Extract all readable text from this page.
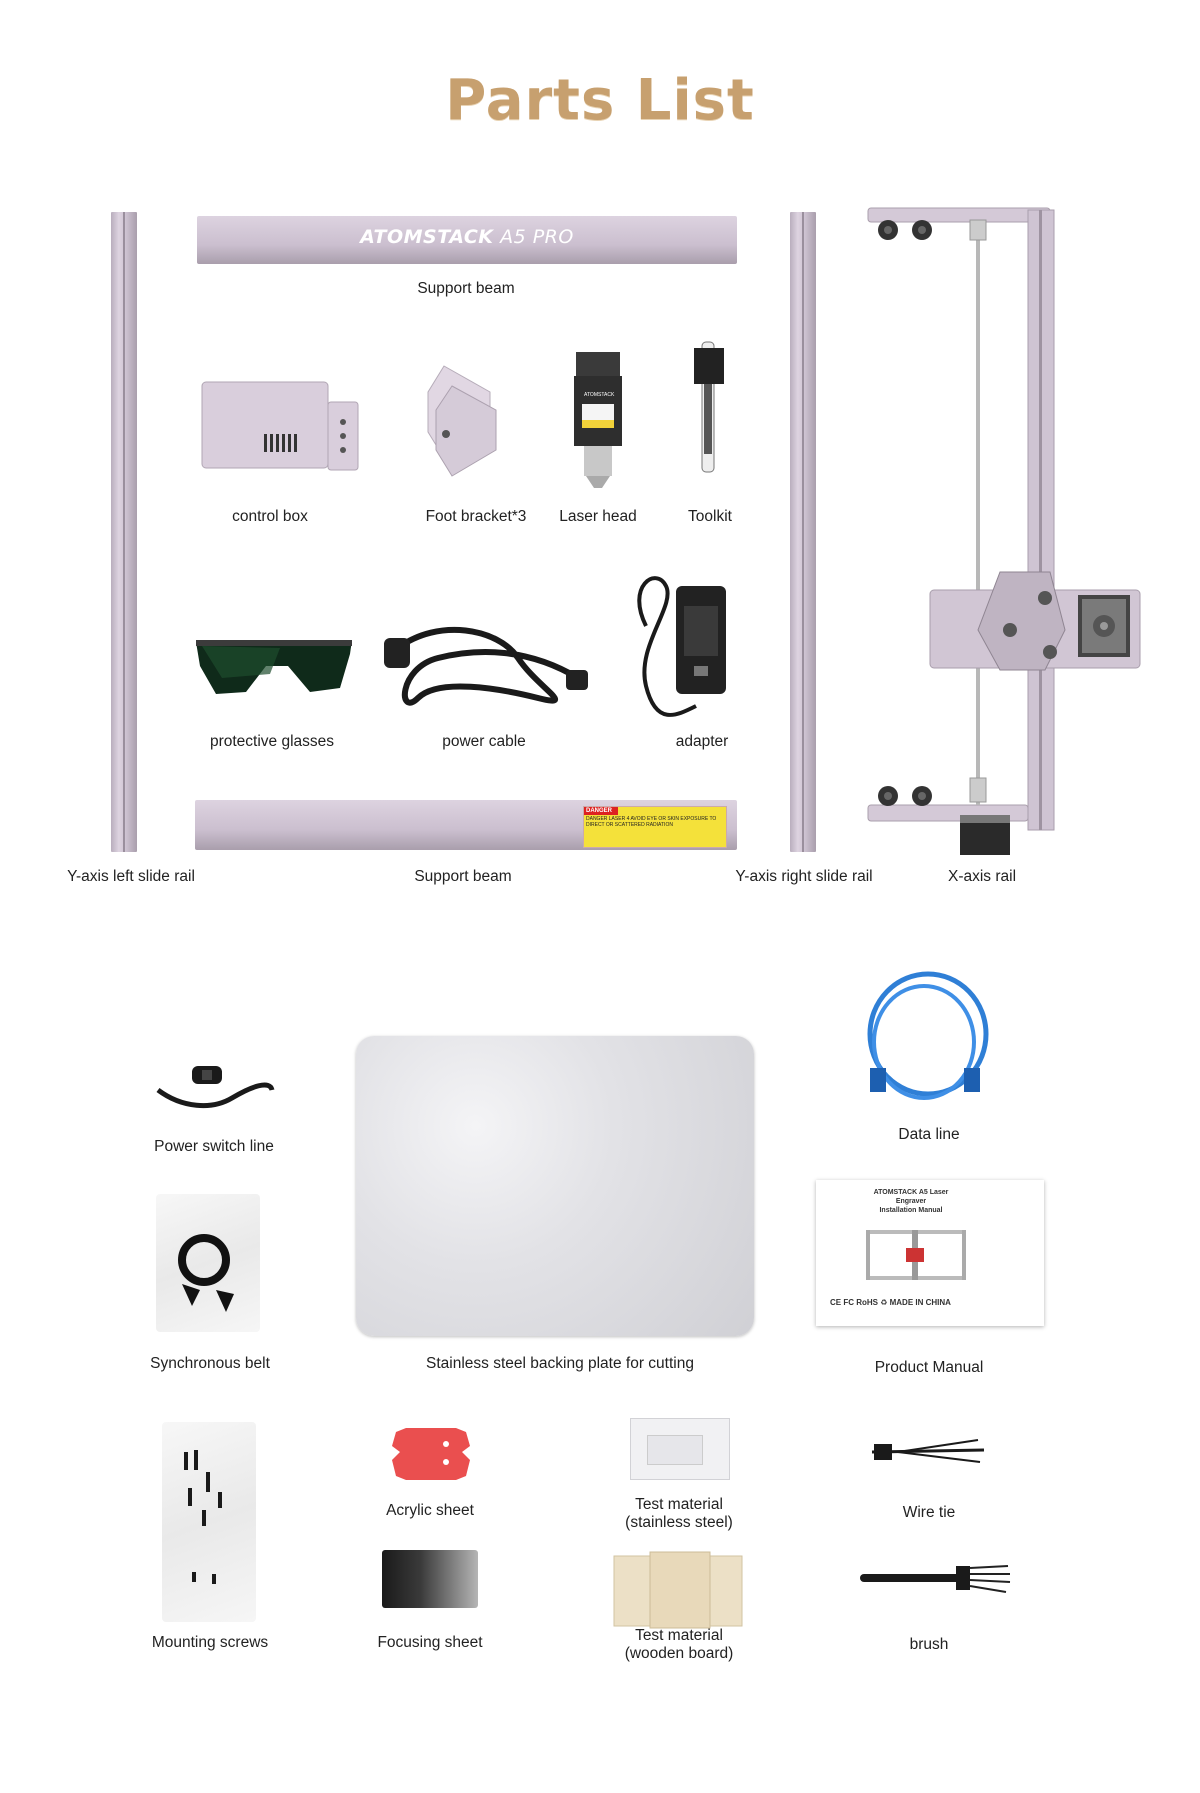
Parts List
ATOMSTACK A5 PRO
Support beam
DANGER
DANGER LASER 4 AVOID EYE OR SKIN EXPOSURE TO DIRECT OR SCATTERED RADIATION
Support beam
Y-axis left slide rail	Y-axis right slide rail	X-axis rail
control box	Foot bracket*3
ATOMSTACK
Laser head	Toolkit
protective glasses	power cable	adapter
Power switch line
Data line
Stainless steel backing plate for cutting
Synchronous belt
ATOMSTACK A5 Laser
Engraver
Installation Manual
CE FC RoHS ♻ MADE IN CHINA
Product Manual
Mounting screws
Acrylic sheet	Test material
(stainless steel)
Wire tie
Focusing sheet	Test material
(wooden board)
brush
